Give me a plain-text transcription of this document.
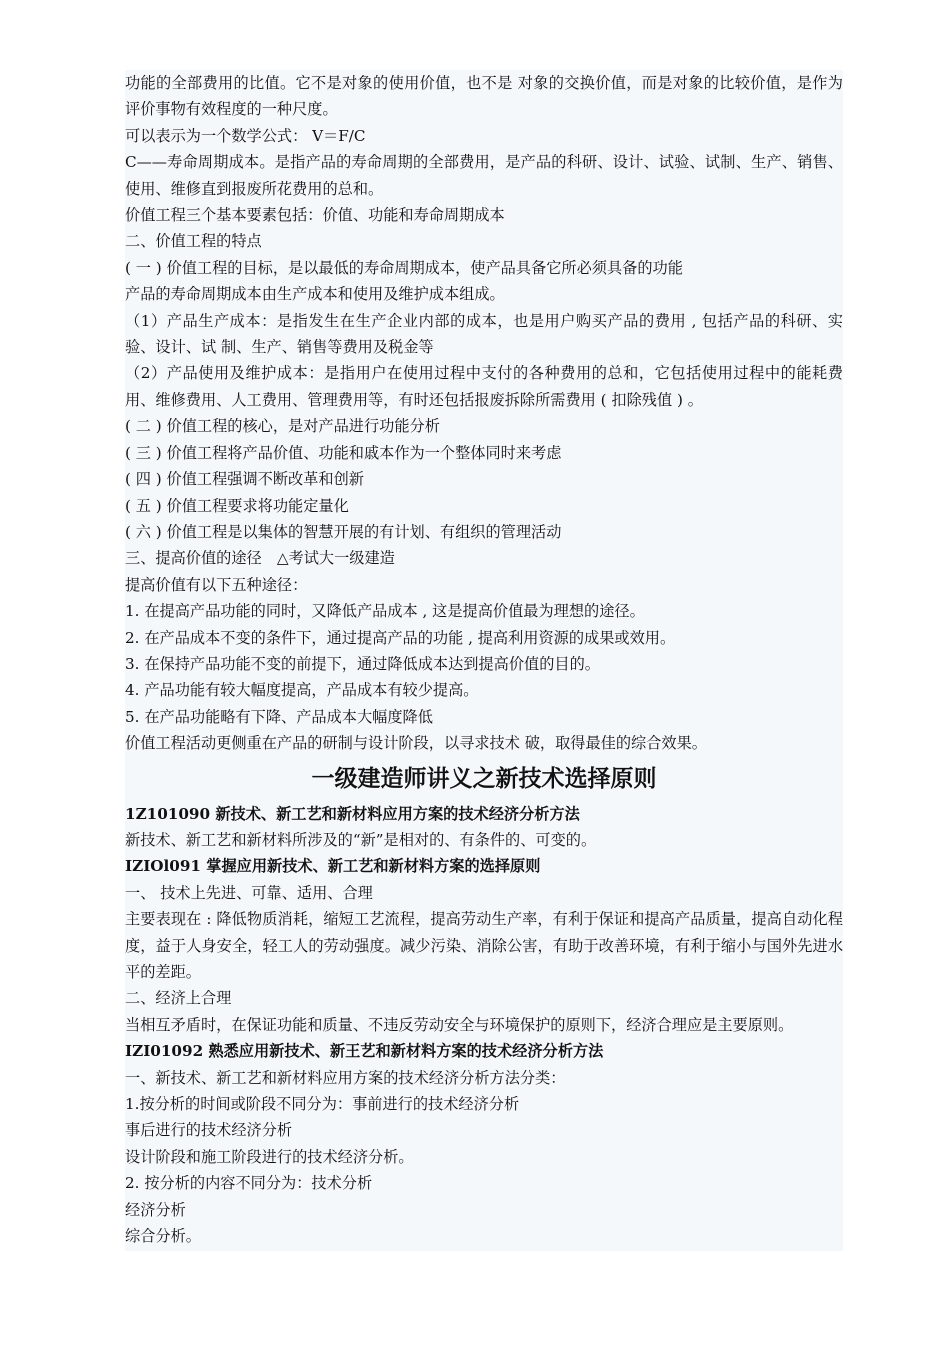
功能的全部费用的比值。它不是对象的使用价值，也不是 对象的交换价值，而是对象的比较价值，是作为评价事物有效程度的一种尺度。
可以表示为一个数学公式： V＝F/C
C——寿命周期成本。是指产品的寿命周期的全部费用，是产品的科研、设计、试验、试制、生产、销售、使用、维修直到报废所花费用的总和。
价值工程三个基本要素包括：价值、功能和寿命周期成本
二、价值工程的特点
( 一 ) 价值工程的目标，是以最低的寿命周期成本，使产品具备它所必须具备的功能
产品的寿命周期成本由生产成本和使用及维护成本组成。
（1）产品生产成本：是指发生在生产企业内部的成本，也是用户购买产品的费用 , 包括产品的科研、实验、设计、试 制、生产、销售等费用及税金等
（2）产品使用及维护成本：是指用户在使用过程中支付的各种费用的总和，它包括使用过程中的能耗费用、维修费用、人工费用、管理费用等，有时还包括报废拆除所需费用 ( 扣除残值 ) 。
( 二 ) 价值工程的核心，是对产品进行功能分析
( 三 ) 价值工程将产品价值、功能和戚本作为一个整体同时来考虑
( 四 ) 价值工程强调不断改革和创新
( 五 ) 价值工程要求将功能定量化
( 六 ) 价值工程是以集体的智慧开展的有计划、有组织的管理活动
三、提高价值的途径　△考试大一级建造
提高价值有以下五种途径：
1. 在提高产品功能的同时，又降低产品成本 , 这是提高价值最为理想的途径。
2. 在产品成本不变的条件下，通过提高产品的功能 , 提高利用资源的成果或效用。
3. 在保持产品功能不变的前提下，通过降低成本达到提高价值的目的。
4. 产品功能有较大幅度提高，产品成本有较少提高。
5. 在产品功能略有下降、产品成本大幅度降低
价值工程活动更侧重在产品的研制与设计阶段，以寻求技术 破，取得最佳的综合效果。
一级建造师讲义之新技术选择原则
1Z101090 新技术、新工艺和新材料应用方案的技术经济分析方法
新技术、新工艺和新材料所涉及的“新”是相对的、有条件的、可变的。
IZIOl091 掌握应用新技术、新工艺和新材料方案的选择原则
一、 技术上先进、可靠、适用、合理
主要表现在 : 降低物质消耗，缩短工艺流程，提高劳动生产率，有利于保证和提高产品质量，提高自动化程度，益于人身安全，轻工人的劳动强度。减少污染、消除公害，有助于改善环境，有利于缩小与国外先进水平的差距。
二、经济上合理
当相互矛盾时，在保证功能和质量、不违反劳动安全与环境保护的原则下，经济合理应是主要原则。
IZI01092 熟悉应用新技术、新王艺和新材料方案的技术经济分析方法
一、新技术、新工艺和新材料应用方案的技术经济分析方法分类：
1.按分析的时间或阶段不同分为：事前进行的技术经济分析
事后进行的技术经济分析
设计阶段和施工阶段进行的技术经济分析。
2. 按分析的内容不同分为：技术分析
经济分析
综合分析。
